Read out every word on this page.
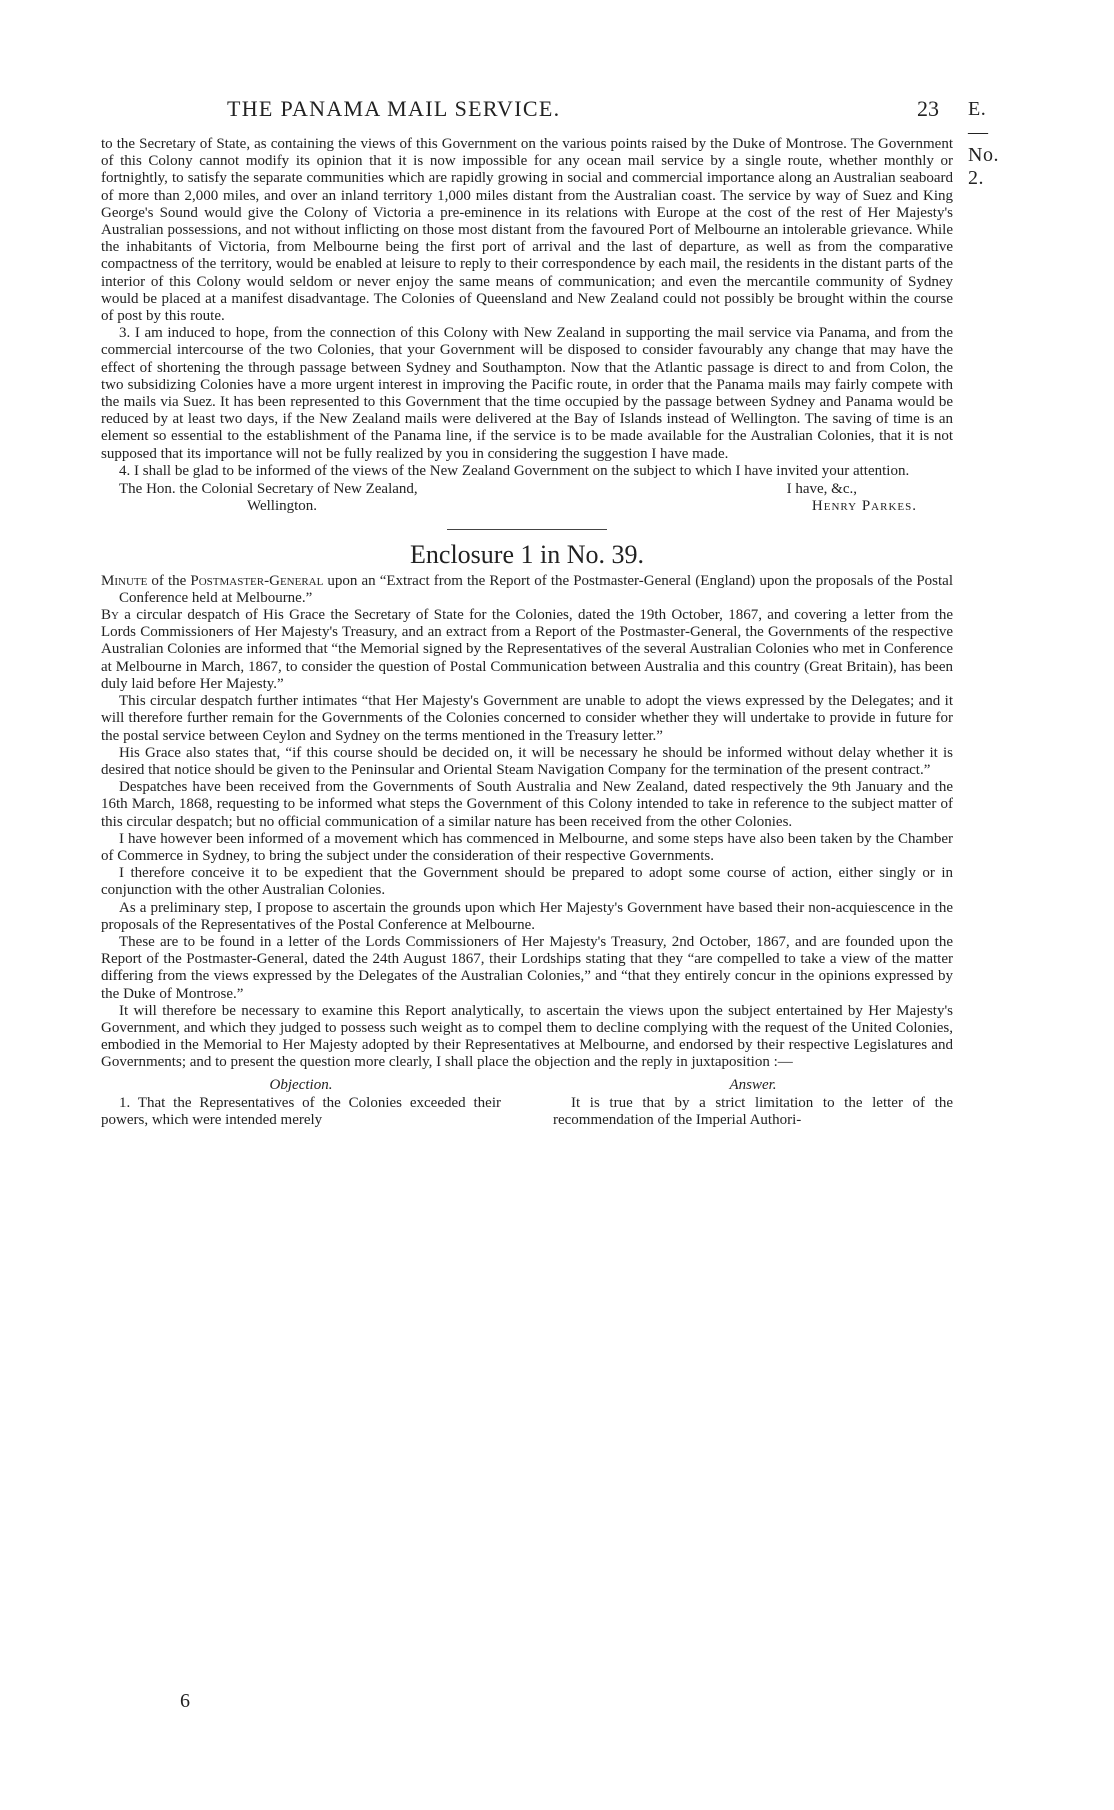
THE PANAMA MAIL SERVICE.	23 E.—No. 2.

to the Secretary of State, as containing the views of this Government on the various points raised by the Duke of Montrose. The Government of this Colony cannot modify its opinion that it is now impossible for any ocean mail service by a single route, whether monthly or fortnightly, to satisfy the separate communities which are rapidly growing in social and commercial importance along an Australian seaboard of more than 2,000 miles, and over an inland territory 1,000 miles distant from the Australian coast. The service by way of Suez and King George's Sound would give the Colony of Victoria a pre-eminence in its relations with Europe at the cost of the rest of Her Majesty's Australian possessions, and not without inflicting on those most distant from the favoured Port of Melbourne an intolerable grievance. While the inhabitants of Victoria, from Melbourne being the first port of arrival and the last of departure, as well as from the comparative compactness of the territory, would be enabled at leisure to reply to their correspondence by each mail, the residents in the distant parts of the interior of this Colony would seldom or never enjoy the same means of communication; and even the mercantile community of Sydney would be placed at a manifest disadvantage. The Colonies of Queensland and New Zealand could not possibly be brought within the course of post by this route.

3. I am induced to hope, from the connection of this Colony with New Zealand in supporting the mail service via Panama, and from the commercial intercourse of the two Colonies, that your Government will be disposed to consider favourably any change that may have the effect of shortening the through passage between Sydney and Southampton. Now that the Atlantic passage is direct to and from Colon, the two subsidizing Colonies have a more urgent interest in improving the Pacific route, in order that the Panama mails may fairly compete with the mails via Suez. It has been represented to this Government that the time occupied by the passage between Sydney and Panama would be reduced by at least two days, if the New Zealand mails were delivered at the Bay of Islands instead of Wellington. The saving of time is an element so essential to the establishment of the Panama line, if the service is to be made available for the Australian Colonies, that it is not supposed that its importance will not be fully realized by you in considering the suggestion I have made.

4. I shall be glad to be informed of the views of the New Zealand Government on the subject to which I have invited your attention.

The Hon. the Colonial Secretary of New Zealand,
Wellington.
I have, &c.,
Henry Parkes.
Enclosure 1 in No. 39.

Minute of the Postmaster-General upon an “Extract from the Report of the Postmaster-General (England) upon the proposals of the Postal Conference held at Melbourne.”

By a circular despatch of His Grace the Secretary of State for the Colonies, dated the 19th October, 1867, and covering a letter from the Lords Commissioners of Her Majesty's Treasury, and an extract from a Report of the Postmaster-General, the Governments of the respective Australian Colonies are informed that “the Memorial signed by the Representatives of the several Australian Colonies who met in Conference at Melbourne in March, 1867, to consider the question of Postal Communication between Australia and this country (Great Britain), has been duly laid before Her Majesty.”

This circular despatch further intimates “that Her Majesty's Government are unable to adopt the views expressed by the Delegates; and it will therefore further remain for the Governments of the Colonies concerned to consider whether they will undertake to provide in future for the postal service between Ceylon and Sydney on the terms mentioned in the Treasury letter.”

His Grace also states that, “if this course should be decided on, it will be necessary he should be informed without delay whether it is desired that notice should be given to the Peninsular and Oriental Steam Navigation Company for the termination of the present contract.”

Despatches have been received from the Governments of South Australia and New Zealand, dated respectively the 9th January and the 16th March, 1868, requesting to be informed what steps the Government of this Colony intended to take in reference to the subject matter of this circular despatch; but no official communication of a similar nature has been received from the other Colonies.

I have however been informed of a movement which has commenced in Melbourne, and some steps have also been taken by the Chamber of Commerce in Sydney, to bring the subject under the consideration of their respective Governments.

I therefore conceive it to be expedient that the Government should be prepared to adopt some course of action, either singly or in conjunction with the other Australian Colonies.

As a preliminary step, I propose to ascertain the grounds upon which Her Majesty's Government have based their non-acquiescence in the proposals of the Representatives of the Postal Conference at Melbourne.

These are to be found in a letter of the Lords Commissioners of Her Majesty's Treasury, 2nd October, 1867, and are founded upon the Report of the Postmaster-General, dated the 24th August 1867, their Lordships stating that they “are compelled to take a view of the matter differing from the views expressed by the Delegates of the Australian Colonies,” and “that they entirely concur in the opinions expressed by the Duke of Montrose.”

It will therefore be necessary to examine this Report analytically, to ascertain the views upon the subject entertained by Her Majesty's Government, and which they judged to possess such weight as to compel them to decline complying with the request of the United Colonies, embodied in the Memorial to Her Majesty adopted by their Representatives at Melbourne, and endorsed by their respective Legislatures and Governments; and to present the question more clearly, I shall place the objection and the reply in juxtaposition :—

Objection.
1. That the Representatives of the Colonies exceeded their powers, which were intended merely
Answer.
It is true that by a strict limitation to the letter of the recommendation of the Imperial Authori-
6
